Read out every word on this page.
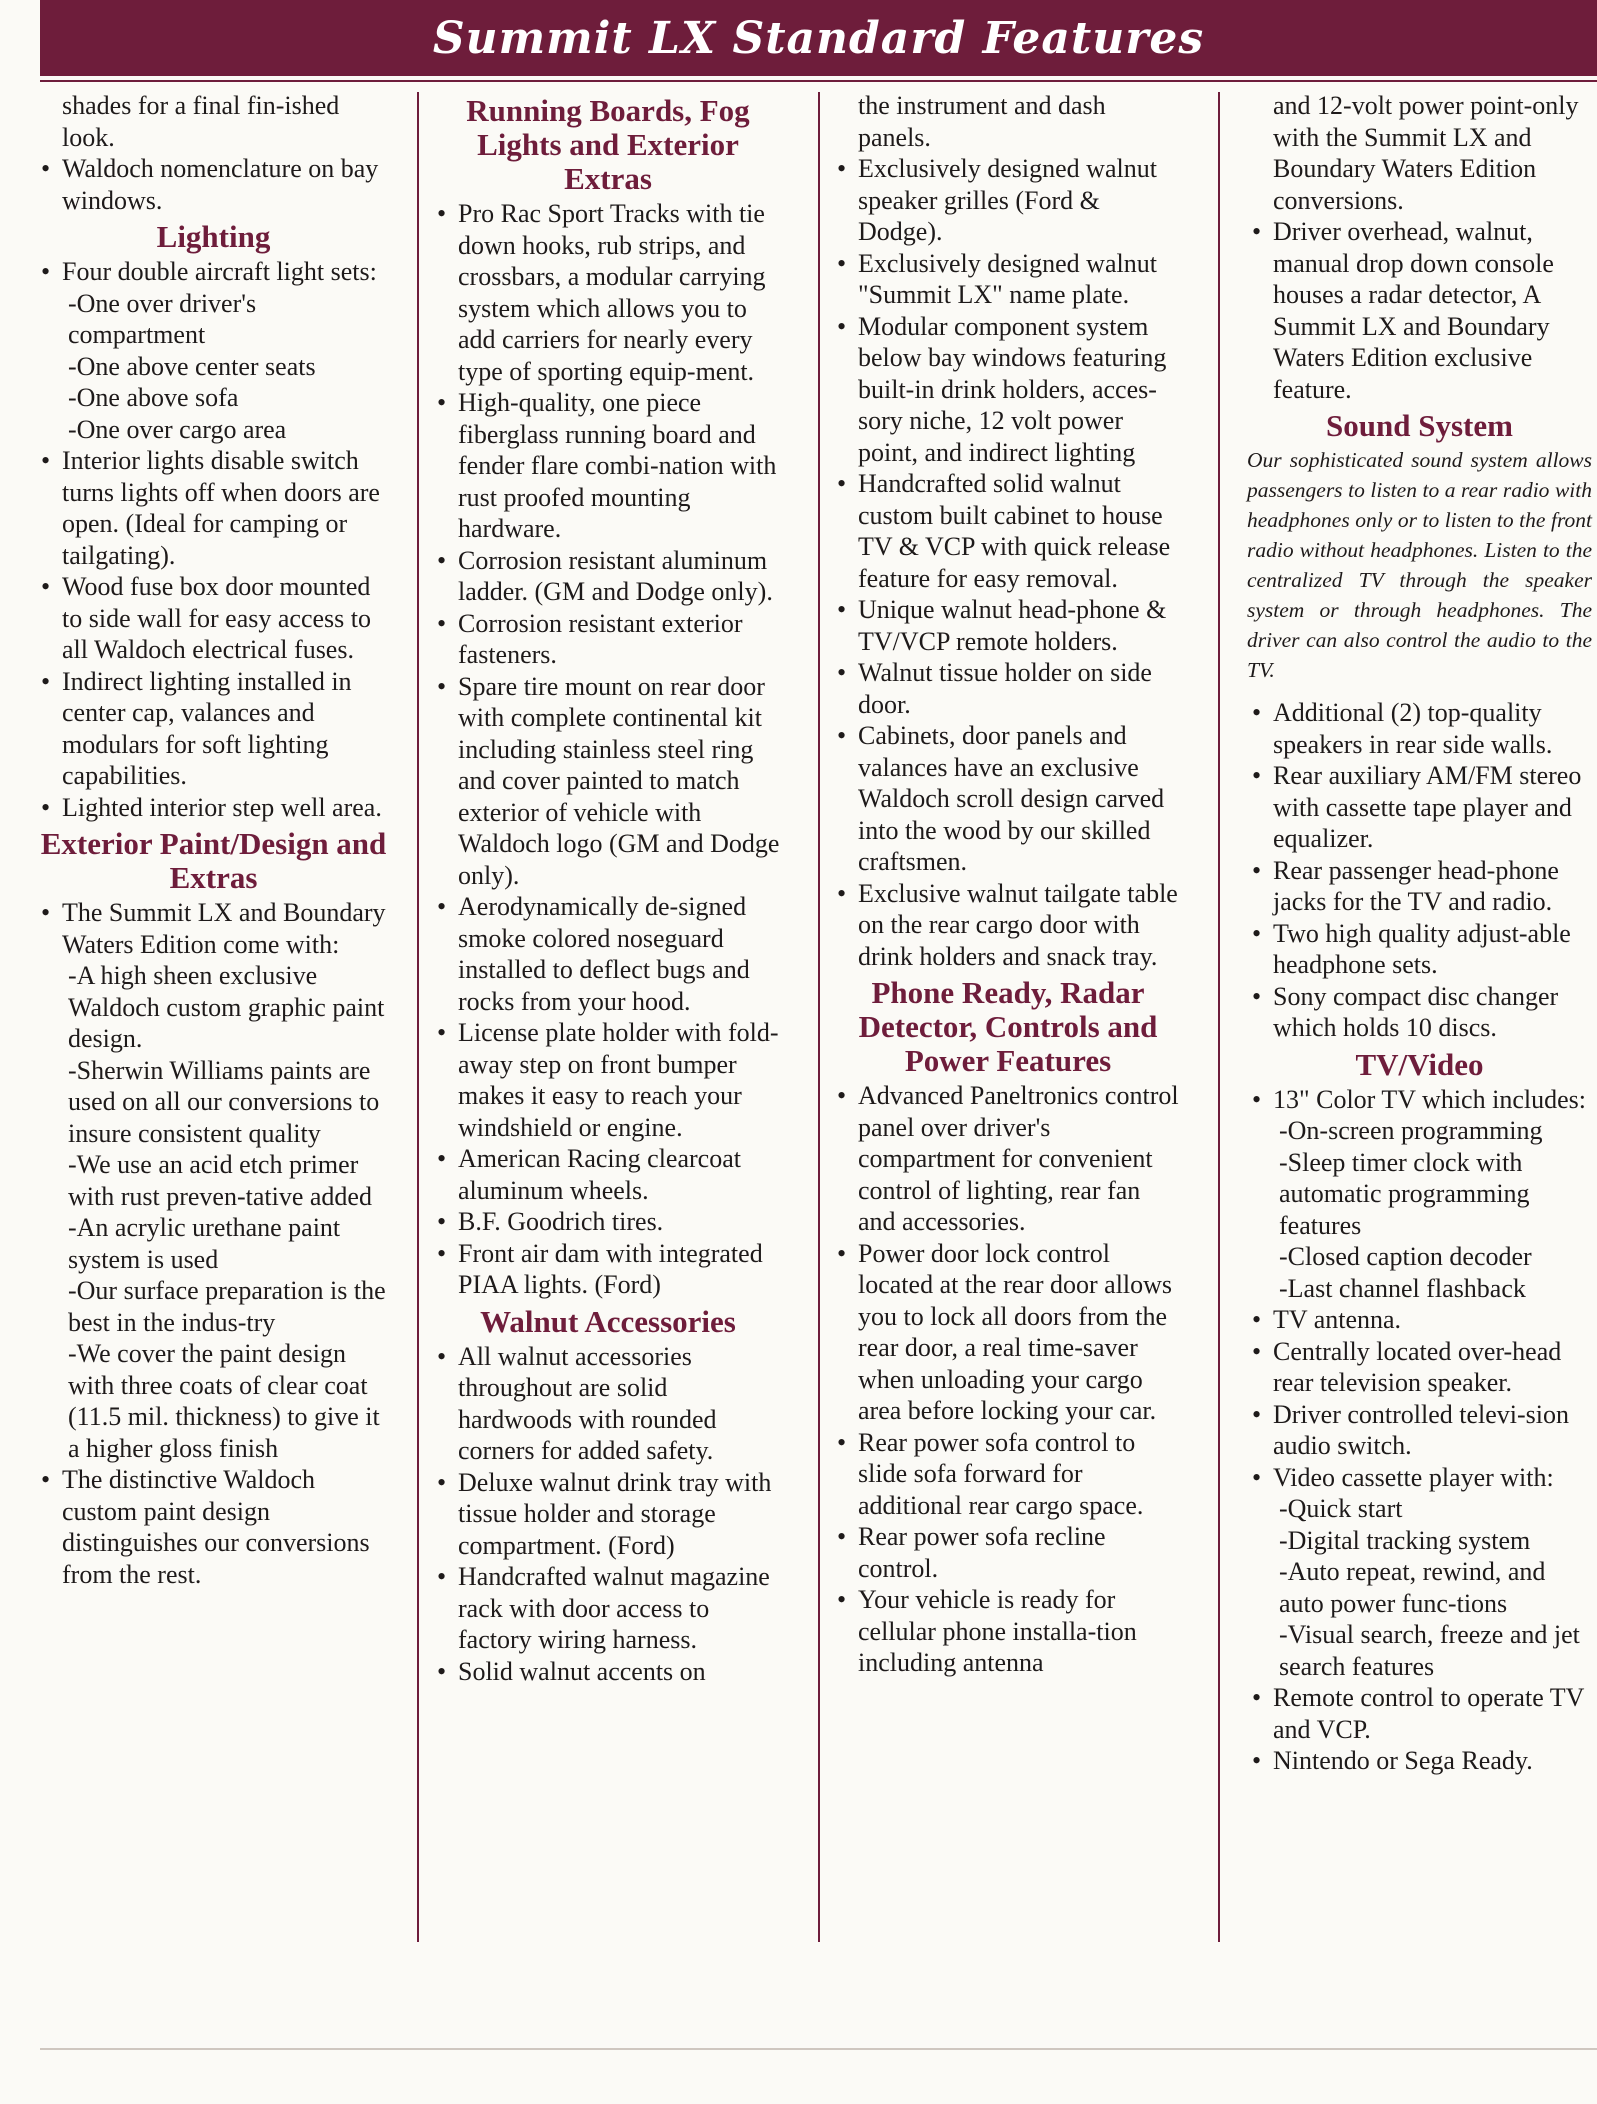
Summit LX Standard Features
shades for a final fin-ished look.
• Waldoch nomenclature on bay windows.
Lighting
• Four double aircraft light sets:
-One over driver's compartment
-One above center seats
-One above sofa
-One over cargo area
• Interior lights disable switch turns lights off when doors are open. (Ideal for camping or tailgating).
• Wood fuse box door mounted to side wall for easy access to all Waldoch electrical fuses.
• Indirect lighting installed in center cap, valances and modulars for soft lighting capabilities.
• Lighted interior step well area.
Exterior Paint/Design and Extras
• The Summit LX and Boundary Waters Edition come with:
-A high sheen exclusive Waldoch custom graphic paint design.
-Sherwin Williams paints are used on all our conversions to insure consistent quality
-We use an acid etch primer with rust preven-tative added
-An acrylic urethane paint system is used
-Our surface preparation is the best in the indus-try
-We cover the paint design with three coats of clear coat (11.5 mil. thickness) to give it a higher gloss finish
• The distinctive Waldoch custom paint design distinguishes our conversions from the rest.
Running Boards, Fog Lights and Exterior Extras
• Pro Rac Sport Tracks with tie down hooks, rub strips, and crossbars, a modular carrying system which allows you to add carriers for nearly every type of sporting equip-ment.
• High-quality, one piece fiberglass running board and fender flare combi-nation with rust proofed mounting hardware.
• Corrosion resistant aluminum ladder. (GM and Dodge only).
• Corrosion resistant exterior fasteners.
• Spare tire mount on rear door with complete continental kit including stainless steel ring and cover painted to match exterior of vehicle with Waldoch logo (GM and Dodge only).
• Aerodynamically de-signed smoke colored noseguard installed to deflect bugs and rocks from your hood.
• License plate holder with fold-away step on front bumper makes it easy to reach your windshield or engine.
• American Racing clearcoat aluminum wheels.
• B.F. Goodrich tires.
• Front air dam with integrated PIAA lights. (Ford)
Walnut Accessories
• All walnut accessories throughout are solid hardwoods with rounded corners for added safety.
• Deluxe walnut drink tray with tissue holder and storage compartment. (Ford)
• Handcrafted walnut magazine rack with door access to factory wiring harness.
• Solid walnut accents on
the instrument and dash panels.
• Exclusively designed walnut speaker grilles (Ford & Dodge).
• Exclusively designed walnut "Summit LX" name plate.
• Modular component system below bay windows featuring built-in drink holders, acces-sory niche, 12 volt power point, and indirect lighting
• Handcrafted solid walnut custom built cabinet to house TV & VCP with quick release feature for easy removal.
• Unique walnut head-phone & TV/VCP remote holders.
• Walnut tissue holder on side door.
• Cabinets, door panels and valances have an exclusive Waldoch scroll design carved into the wood by our skilled craftsmen.
• Exclusive walnut tailgate table on the rear cargo door with drink holders and snack tray.
Phone Ready, Radar Detector, Controls and Power Features
• Advanced Paneltronics control panel over driver's compartment for convenient control of lighting, rear fan and accessories.
• Power door lock control located at the rear door allows you to lock all doors from the rear door, a real time-saver when unloading your cargo area before locking your car.
• Rear power sofa control to slide sofa forward for additional rear cargo space.
• Rear power sofa recline control.
• Your vehicle is ready for cellular phone installa-tion including antenna
and 12-volt power point-only with the Summit LX and Boundary Waters Edition conversions.
• Driver overhead, walnut, manual drop down console houses a radar detector, A Summit LX and Boundary Waters Edition exclusive feature.
Sound System

Our sophisticated sound system allows passengers to listen to a rear radio with headphones only or to listen to the front radio without headphones. Listen to the centralized TV through the speaker system or through headphones. The driver can also control the audio to the TV.

• Additional (2) top-quality speakers in rear side walls.
• Rear auxiliary AM/FM stereo with cassette tape player and equalizer.
• Rear passenger head-phone jacks for the TV and radio.
• Two high quality adjust-able headphone sets.
• Sony compact disc changer which holds 10 discs.
TV/Video
• 13" Color TV which includes:
-On-screen programming
-Sleep timer clock with automatic programming features
-Closed caption decoder
-Last channel flashback
• TV antenna.
• Centrally located over-head rear television speaker.
• Driver controlled televi-sion audio switch.
• Video cassette player with:
-Quick start
-Digital tracking system
-Auto repeat, rewind, and auto power func-tions
-Visual search, freeze and jet search features
• Remote control to operate TV and VCP.
• Nintendo or Sega Ready.
